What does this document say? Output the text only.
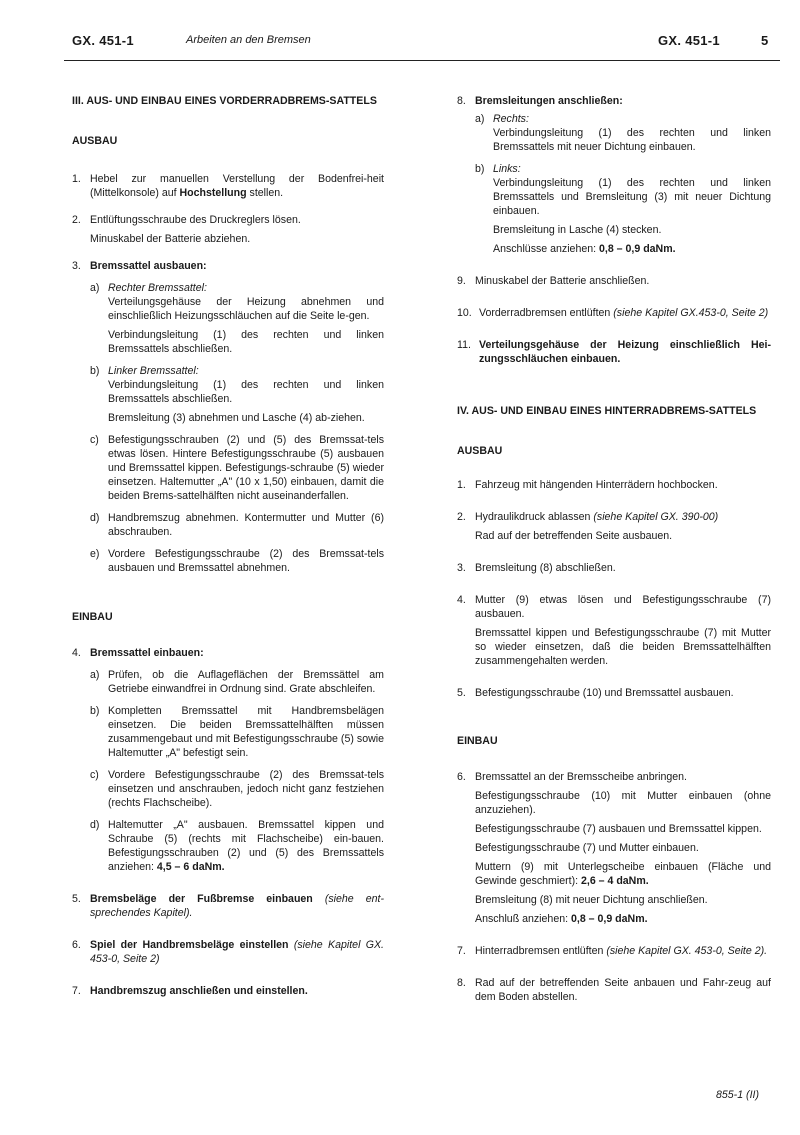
GX. 451-1	Arbeiten an den Bremsen	GX. 451-1	5
III. AUS- UND EINBAU EINES VORDERRADBREMS-SATTELS
AUSBAU
1. Hebel zur manuellen Verstellung der Bodenfrei-heit (Mittelkonsole) auf Hochstellung stellen.
2. Entlüftungsschraube des Druckreglers lösen.
Minuskabel der Batterie abziehen.
3. Bremssattel ausbauen:
a) Rechter Bremssattel:
Verteilungsgehäuse der Heizung abnehmen und einschließlich Heizungsschläuchen auf die Seite le-gen.
Verbindungsleitung (1) des rechten und linken Bremssattels abschließen.
b) Linker Bremssattel:
Verbindungsleitung (1) des rechten und linken Bremssattels abschließen.
Bremsleitung (3) abnehmen und Lasche (4) ab-ziehen.
c) Befestigungsschrauben (2) und (5) des Bremssat-tels etwas lösen. Hintere Befestigungsschraube (5) ausbauen und Bremssattel kippen. Befestigungs-schraube (5) wieder einsetzen. Haltemutter „A" (10 x 1,50) einbauen, damit die beiden Brems-sattelhälften nicht auseinanderfallen.
d) Handbremszug abnehmen. Kontermutter und Mutter (6) abschrauben.
e) Vordere Befestigungsschraube (2) des Bremssat-tels ausbauen und Bremssattel abnehmen.
EINBAU
4. Bremssattel einbauen:
a) Prüfen, ob die Auflageflächen der Bremssättel am Getriebe einwandfrei in Ordnung sind. Grate abschleifen.
b) Kompletten Bremssattel mit Handbremsbelägen einsetzen. Die beiden Bremssattelhälften müssen zusammengebaut und mit Befestigungsschraube (5) sowie Haltemutter „A" befestigt sein.
c) Vordere Befestigungsschraube (2) des Bremssat-tels einsetzen und anschrauben, jedoch nicht ganz festziehen (rechts Flachscheibe).
d) Haltemutter „A" ausbauen. Bremssattel kippen und Schraube (5) (rechts mit Flachscheibe) ein-bauen. Befestigungsschrauben (2) und (5) des Bremssattels anziehen: 4,5 – 6 daNm.
5. Bremsbeläge der Fußbremse einbauen (siehe ent-sprechendes Kapitel).
6. Spiel der Handbremsbeläge einstellen (siehe Kapitel GX. 453-0, Seite 2)
7. Handbremszug anschließen und einstellen.
8. Bremsleitungen anschließen:
a) Rechts:
Verbindungsleitung (1) des rechten und linken Bremssattels mit neuer Dichtung einbauen.
b) Links:
Verbindungsleitung (1) des rechten und linken Bremssattels und Bremsleitung (3) mit neuer Dichtung einbauen.
Bremsleitung in Lasche (4) stecken.
Anschlüsse anziehen: 0,8 – 0,9 daNm.
9. Minuskabel der Batterie anschließen.
10. Vorderradbremsen entlüften (siehe Kapitel GX.453-0, Seite 2)
11. Verteilungsgehäuse der Heizung einschließlich Hei-zungsschläuchen einbauen.
IV. AUS- UND EINBAU EINES HINTERRADBREMS-SATTELS
AUSBAU
1. Fahrzeug mit hängenden Hinterrädern hochbocken.
2. Hydraulikdruck ablassen (siehe Kapitel GX. 390-00)
Rad auf der betreffenden Seite ausbauen.
3. Bremsleitung (8) abschließen.
4. Mutter (9) etwas lösen und Befestigungsschraube (7) ausbauen.
Bremssattel kippen und Befestigungsschraube (7) mit Mutter so wieder einsetzen, daß die beiden Bremssattelhälften zusammengehalten werden.
5. Befestigungsschraube (10) und Bremssattel ausbauen.
EINBAU
6. Bremssattel an der Bremsscheibe anbringen.
Befestigungsschraube (10) mit Mutter einbauen (ohne anzuziehen).
Befestigungsschraube (7) ausbauen und Bremssattel kippen.
Befestigungsschraube (7) und Mutter einbauen.
Muttern (9) mit Unterlegscheibe einbauen (Fläche und Gewinde geschmiert): 2,6 – 4 daNm.
Bremsleitung (8) mit neuer Dichtung anschließen.
Anschluß anziehen: 0,8 – 0,9 daNm.
7. Hinterradbremsen entlüften (siehe Kapitel GX. 453-0, Seite 2).
8. Rad auf der betreffenden Seite anbauen und Fahr-zeug auf dem Boden abstellen.
855-1 (II)
